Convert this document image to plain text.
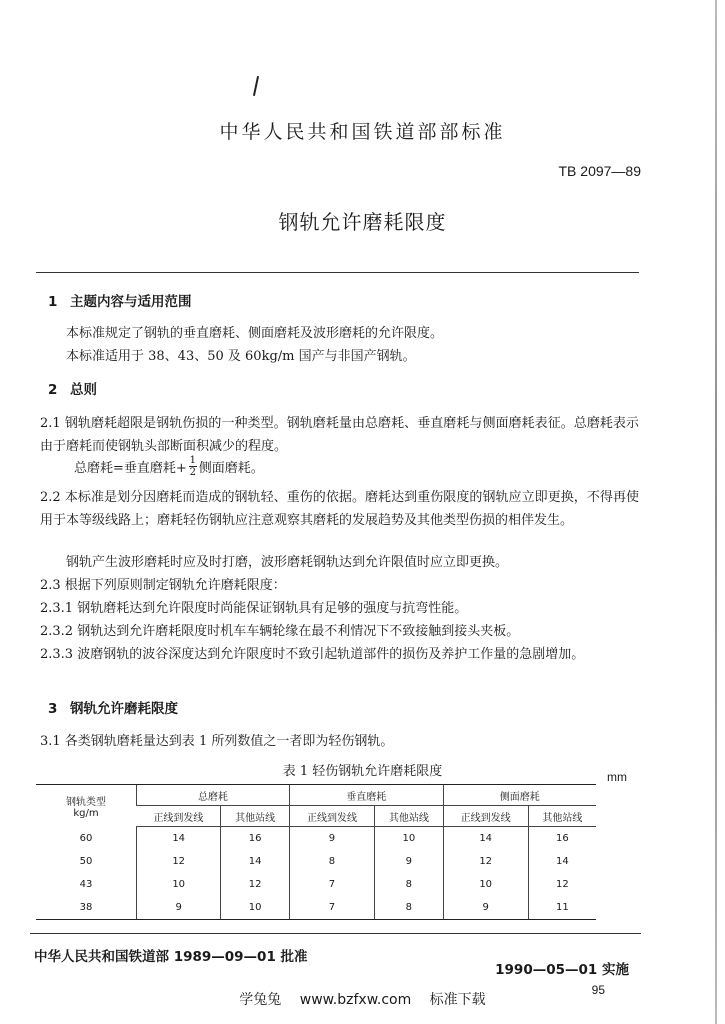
中华人民共和国铁道部部标准
TB 2097—89
钢轨允许磨耗限度
1 主题内容与适用范围
本标准规定了钢轨的垂直磨耗、侧面磨耗及波形磨耗的允许限度。
本标准适用于 38、43、50 及 60kg/m 国产与非国产钢轨。
2 总则
2.1 钢轨磨耗超限是钢轨伤损的一种类型。钢轨磨耗量由总磨耗、垂直磨耗与侧面磨耗表征。总磨耗表示由于磨耗而使钢轨头部断面积减少的程度。
总磨耗=垂直磨耗+ $\frac{1}{2}$ 侧面磨耗。
2.2 本标准是划分因磨耗而造成的钢轨轻、重伤的依据。磨耗达到重伤限度的钢轨应立即更换，不得再使用于本等级线路上；磨耗轻伤钢轨应注意观察其磨耗的发展趋势及其他类型伤损的相伴发生。
钢轨产生波形磨耗时应及时打磨，波形磨耗钢轨达到允许限值时应立即更换。
2.3 根据下列原则制定钢轨允许磨耗限度：
2.3.1 钢轨磨耗达到允许限度时尚能保证钢轨具有足够的强度与抗弯性能。
2.3.2 钢轨达到允许磨耗限度时机车车辆轮缘在最不利情况下不致接触到接头夹板。
2.3.3 波磨钢轨的波谷深度达到允许限度时不致引起轨道部件的损伤及养护工作量的急剧增加。
3 钢轨允许磨耗限度
3.1 各类钢轨磨耗量达到表 1 所列数值之一者即为轻伤钢轨。
表 1 轻伤钢轨允许磨耗限度	mm
钢轨类型
kg/m	总磨耗		垂直磨耗		侧面磨耗	
	正线到发线	其他站线	正线到发线	其他站线	正线到发线	其他站线
60	14	16	9	10	14	16
50	12	14	8	9	12	14
43	10	12	7	8	10	12
38	9	10	7	8	9	11
中华人民共和国铁道部 1989—09—01 批准
1990—05—01 实施
95
学兔兔 www.bzfxw.com 标准下载
